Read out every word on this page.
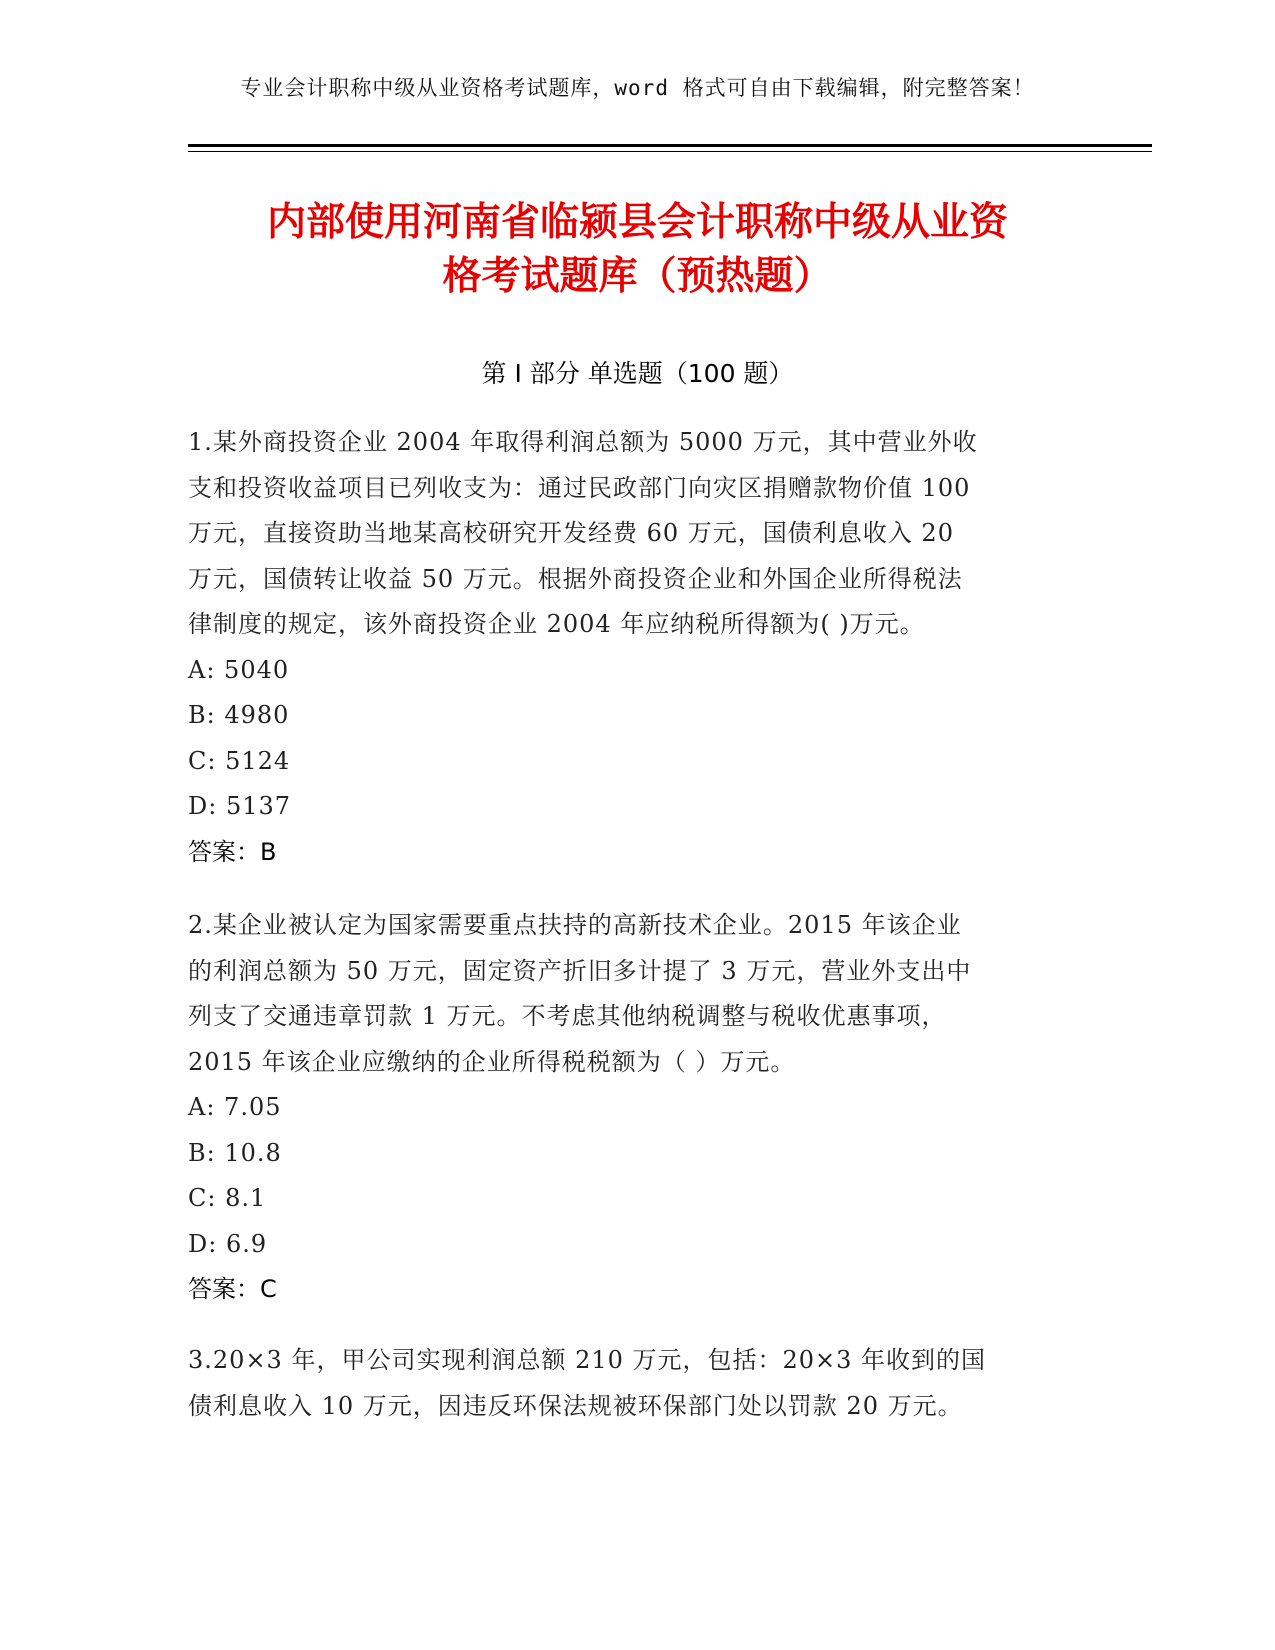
专业会计职称中级从业资格考试题库，word 格式可自由下载编辑，附完整答案！
内部使用河南省临颍县会计职称中级从业资
格考试题库（预热题）
第 I 部分 单选题（100 题）
1.某外商投资企业 2004 年取得利润总额为 5000 万元，其中营业外收
支和投资收益项目已列收支为：通过民政部门向灾区捐赠款物价值 100
万元，直接资助当地某高校研究开发经费 60 万元，国债利息收入 20
万元，国债转让收益 50 万元。根据外商投资企业和外国企业所得税法
律制度的规定，该外商投资企业 2004 年应纳税所得额为( )万元。
A: 5040
B: 4980
C: 5124
D: 5137
答案：B
2.某企业被认定为国家需要重点扶持的高新技术企业。2015 年该企业
的利润总额为 50 万元，固定资产折旧多计提了 3 万元，营业外支出中
列支了交通违章罚款 1 万元。不考虑其他纳税调整与税收优惠事项，
2015 年该企业应缴纳的企业所得税税额为（ ）万元。
A: 7.05
B: 10.8
C: 8.1
D: 6.9
答案：C
3.20×3 年，甲公司实现利润总额 210 万元，包括：20×3 年收到的国
债利息收入 10 万元，因违反环保法规被环保部门处以罚款 20 万元。
